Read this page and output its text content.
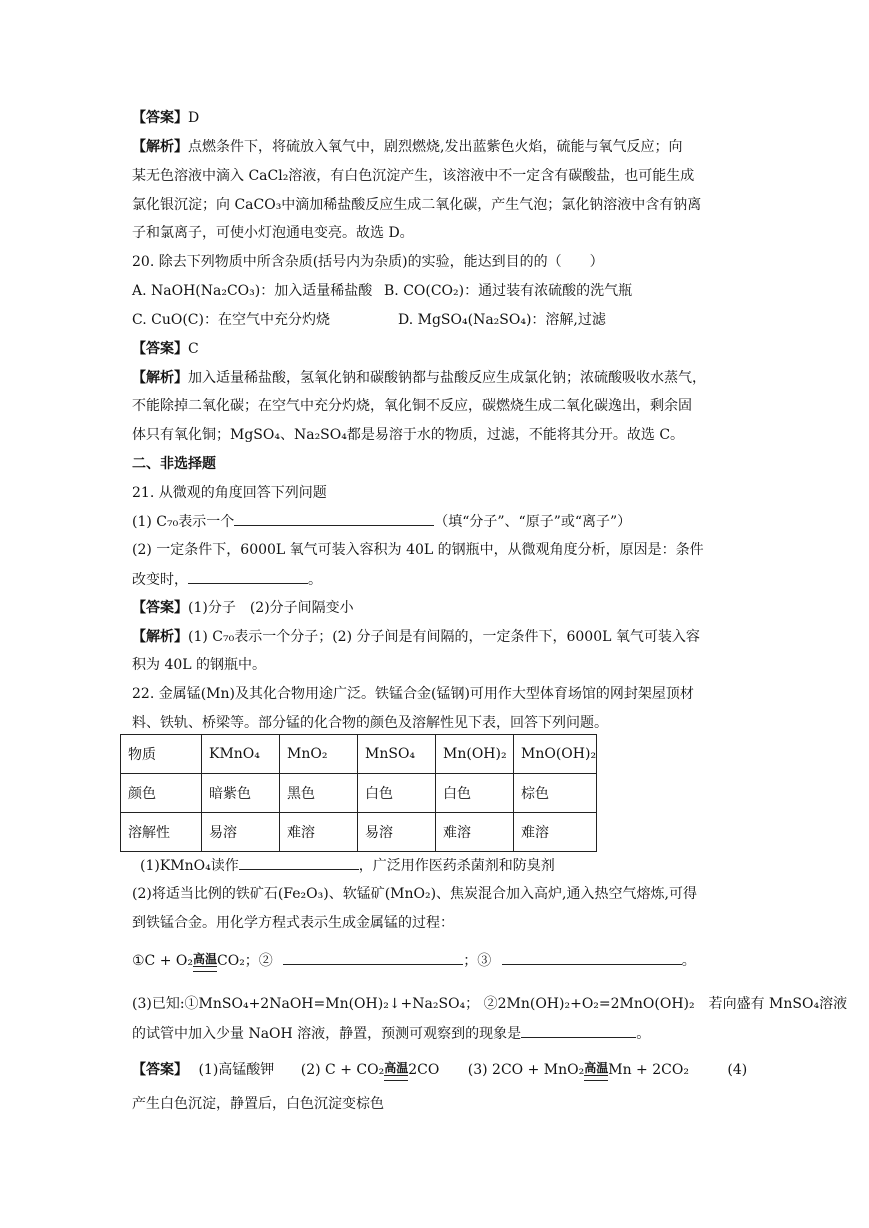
【答案】D
【解析】点燃条件下，将硫放入氧气中，剧烈燃烧,发出蓝紫色火焰，硫能与氧气反应；向
某无色溶液中滴入 CaCl₂溶液，有白色沉淀产生，该溶液中不一定含有碳酸盐，也可能生成
氯化银沉淀；向 CaCO₃中滴加稀盐酸反应生成二氧化碳，产生气泡；氯化钠溶液中含有钠离
子和氯离子，可使小灯泡通电变亮。故选 D。
20. 除去下列物质中所含杂质(括号内为杂质)的实验，能达到目的的（　　）
A. NaOH(Na₂CO₃)：加入适量稀盐酸 B. CO(CO₂)：通过装有浓硫酸的洗气瓶
C. CuO(C)：在空气中充分灼烧	D. MgSO₄(Na₂SO₄)：溶解,过滤
【答案】C
【解析】加入适量稀盐酸，氢氧化钠和碳酸钠都与盐酸反应生成氯化钠；浓硫酸吸收水蒸气，
不能除掉二氧化碳；在空气中充分灼烧，氧化铜不反应，碳燃烧生成二氧化碳逸出，剩余固
体只有氧化铜；MgSO₄、Na₂SO₄都是易溶于水的物质，过滤，不能将其分开。故选 C。
二、非选择题
21. 从微观的角度回答下列问题
(1) C₇₀表示一个	（填“分子”、“原子”或“离子”）
(2) 一定条件下，6000L 氧气可装入容积为 40L 的钢瓶中，从微观角度分析，原因是：条件
改变时，	。
【答案】(1)分子　(2)分子间隔变小
【解析】(1) C₇₀表示一个分子；(2) 分子间是有间隔的，一定条件下，6000L 氧气可装入容
积为 40L 的钢瓶中。
22. 金属锰(Mn)及其化合物用途广泛。铁锰合金(锰钢)可用作大型体育场馆的网封架屋顶材
料、铁轨、桥梁等。部分锰的化合物的颜色及溶解性见下表，回答下列问题。
物质	KMnO₄	MnO₂	MnSO₄	Mn(OH)₂	MnO(OH)₂
颜色	暗紫色	黑色	白色	白色	棕色
溶解性	易溶	难溶	易溶	难溶	难溶
(1)KMnO₄读作	，广泛用作医药杀菌剂和防臭剂
(2)将适当比例的铁矿石(Fe₂O₃)、软锰矿(MnO₂)、焦炭混合加入高炉,通入热空气熔炼,可得
到铁锰合金。用化学方程式表示生成金属锰的过程：
①C + O₂高温
CO₂；②	；③	。
(3)已知:①MnSO₄+2NaOH=Mn(OH)₂↓+Na₂SO₄； ②2Mn(OH)₂+O₂=2MnO(OH)₂　若向盛有 MnSO₄溶液
的试管中加入少量 NaOH 溶液，静置，预测可观察到的现象是	。
【答案】 (1)高锰酸钾 (2) C + CO₂高温
2CO (3) 2CO + MnO₂高温
Mn + 2CO₂	(4)
产生白色沉淀，静置后，白色沉淀变棕色
